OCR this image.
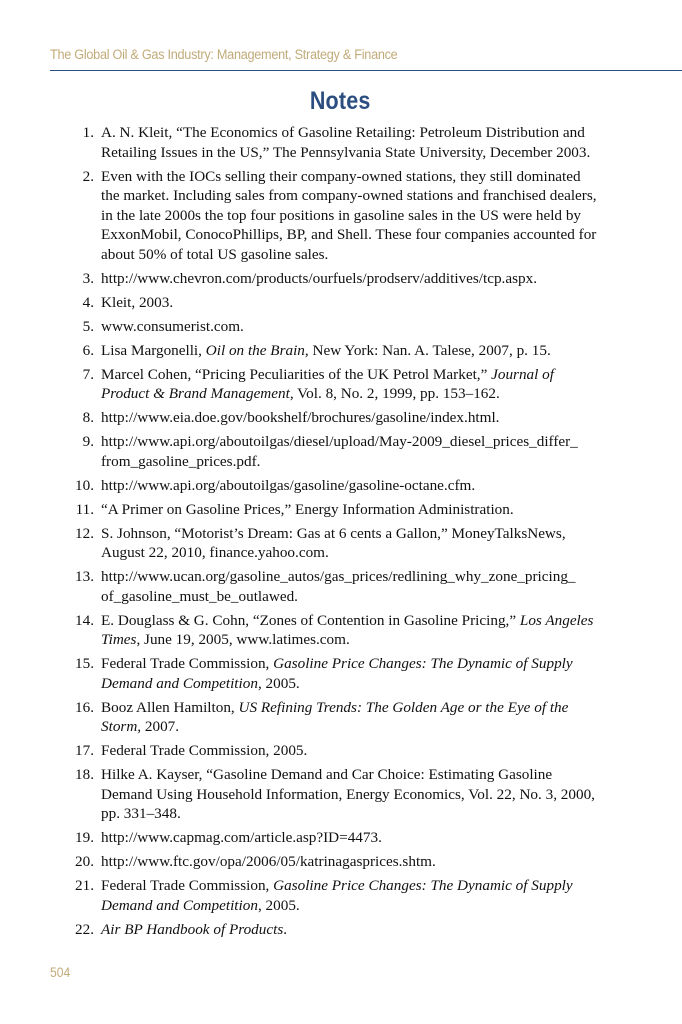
The Global Oil & Gas Industry: Management, Strategy & Finance
Notes
1. A. N. Kleit, “The Economics of Gasoline Retailing: Petroleum Distribution and Retailing Issues in the US,” The Pennsylvania State University, December 2003.
2. Even with the IOCs selling their company-owned stations, they still dominated the market. Including sales from company-owned stations and franchised dealers, in the late 2000s the top four positions in gasoline sales in the US were held by ExxonMobil, ConocoPhillips, BP, and Shell. These four companies accounted for about 50% of total US gasoline sales.
3. http://www.chevron.com/products/ourfuels/prodserv/additives/tcp.aspx.
4. Kleit, 2003.
5. www.consumerist.com.
6. Lisa Margonelli, Oil on the Brain, New York: Nan. A. Talese, 2007, p. 15.
7. Marcel Cohen, “Pricing Peculiarities of the UK Petrol Market,” Journal of Product & Brand Management, Vol. 8, No. 2, 1999, pp. 153–162.
8. http://www.eia.doe.gov/bookshelf/brochures/gasoline/index.html.
9. http://www.api.org/aboutoilgas/diesel/upload/May-2009_diesel_prices_differ_ from_gasoline_prices.pdf.
10. http://www.api.org/aboutoilgas/gasoline/gasoline-octane.cfm.
11. “A Primer on Gasoline Prices,” Energy Information Administration.
12. S. Johnson, “Motorist’s Dream: Gas at 6 cents a Gallon,” MoneyTalksNews, August 22, 2010, finance.yahoo.com.
13. http://www.ucan.org/gasoline_autos/gas_prices/redlining_why_zone_pricing_ of_gasoline_must_be_outlawed.
14. E. Douglass & G. Cohn, “Zones of Contention in Gasoline Pricing,” Los Angeles Times, June 19, 2005, www.latimes.com.
15. Federal Trade Commission, Gasoline Price Changes: The Dynamic of Supply Demand and Competition, 2005.
16. Booz Allen Hamilton, US Refining Trends: The Golden Age or the Eye of the Storm, 2007.
17. Federal Trade Commission, 2005.
18. Hilke A. Kayser, “Gasoline Demand and Car Choice: Estimating Gasoline Demand Using Household Information, Energy Economics, Vol. 22, No. 3, 2000, pp. 331–348.
19. http://www.capmag.com/article.asp?ID=4473.
20. http://www.ftc.gov/opa/2006/05/katrinagasprices.shtm.
21. Federal Trade Commission, Gasoline Price Changes: The Dynamic of Supply Demand and Competition, 2005.
22. Air BP Handbook of Products.
504
